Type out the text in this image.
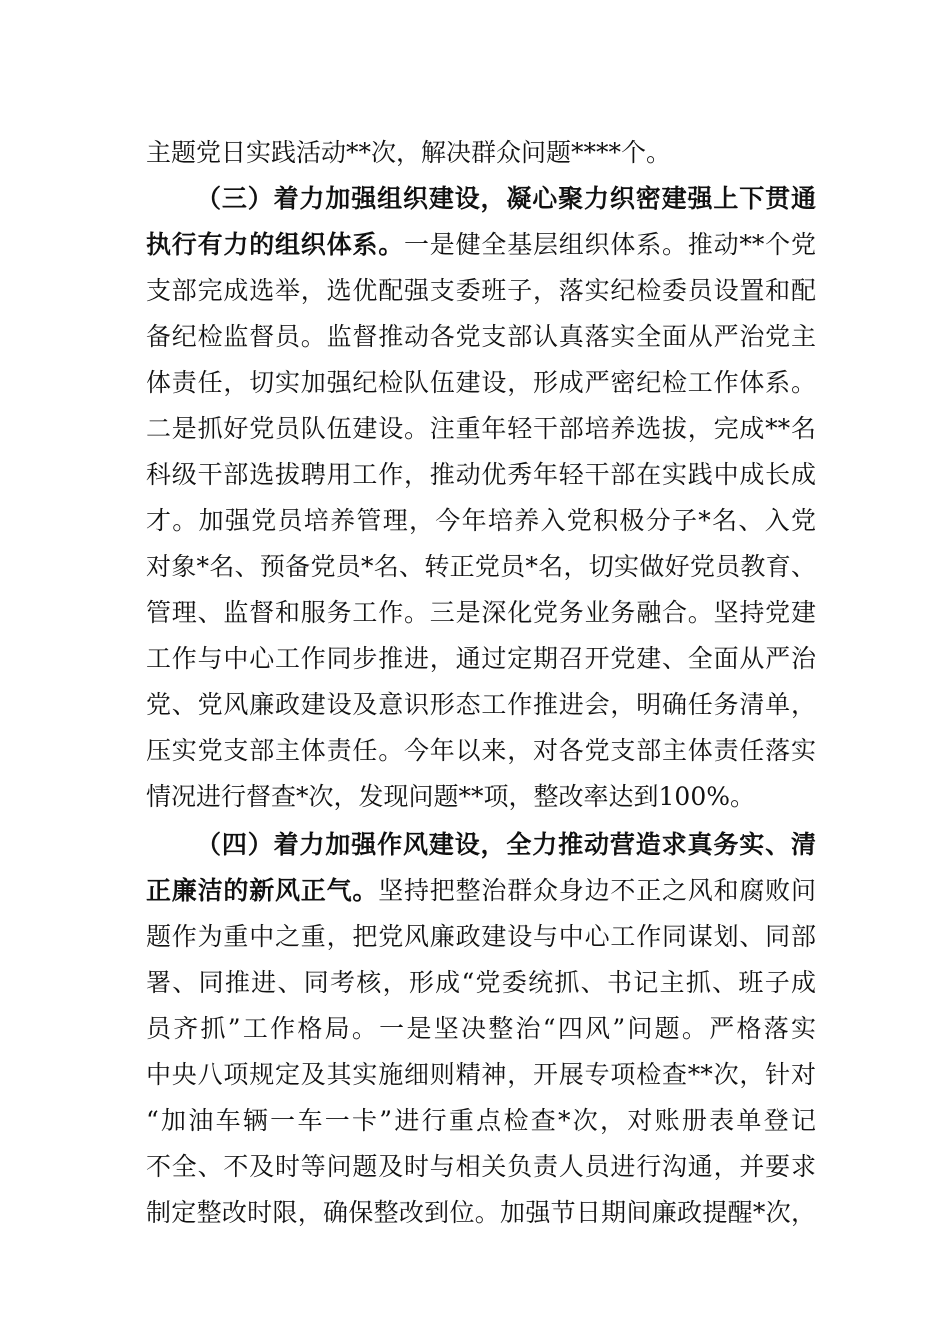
主题党日实践活动**次，解决群众问题****个。
（三）着力加强组织建设，凝心聚力织密建强上下贯通
执行有力的组织体系。一是健全基层组织体系。推动**个党
支部完成选举，选优配强支委班子，落实纪检委员设置和配
备纪检监督员。监督推动各党支部认真落实全面从严治党主
体责任，切实加强纪检队伍建设，形成严密纪检工作体系。
二是抓好党员队伍建设。注重年轻干部培养选拔，完成**名
科级干部选拔聘用工作，推动优秀年轻干部在实践中成长成
才。加强党员培养管理，今年培养入党积极分子*名、入党
对象*名、预备党员*名、转正党员*名，切实做好党员教育、
管理、监督和服务工作。三是深化党务业务融合。坚持党建
工作与中心工作同步推进，通过定期召开党建、全面从严治
党、党风廉政建设及意识形态工作推进会，明确任务清单，
压实党支部主体责任。今年以来，对各党支部主体责任落实
情况进行督查*次，发现问题**项，整改率达到100%。
（四）着力加强作风建设，全力推动营造求真务实、清
正廉洁的新风正气。坚持把整治群众身边不正之风和腐败问
题作为重中之重，把党风廉政建设与中心工作同谋划、同部
署、同推进、同考核，形成“党委统抓、书记主抓、班子成
员齐抓”工作格局。一是坚决整治“四风”问题。严格落实
中央八项规定及其实施细则精神，开展专项检查**次，针对
“加油车辆一车一卡”进行重点检查*次，对账册表单登记
不全、不及时等问题及时与相关负责人员进行沟通，并要求
制定整改时限，确保整改到位。加强节日期间廉政提醒*次，
